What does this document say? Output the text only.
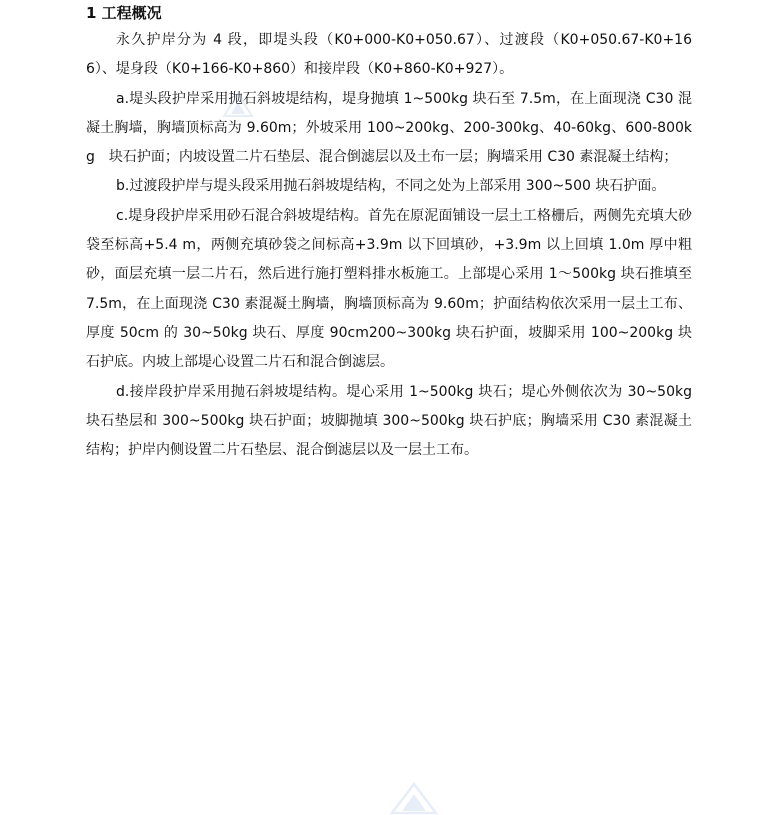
1 工程概况

永久护岸分为 4 段，即堤头段（K0+000-K0+050.67）、过渡段（K0+050.67-K0+166）、堤身段（K0+166-K0+860）和接岸段（K0+860-K0+927）。

a.堤头段护岸采用抛石斜坡堤结构，堤身抛填 1~500kg 块石至 7.5m，在上面现浇 C30 混凝土胸墙，胸墙顶标高为 9.60m；外坡采用 100~200kg、200-300kg、40-60kg、600-800kg　块石护面；内坡设置二片石垫层、混合倒滤层以及土布一层；胸墙采用 C30 素混凝土结构；

b.过渡段护岸与堤头段采用抛石斜坡堤结构，不同之处为上部采用 300~500 块石护面。

c.堤身段护岸采用砂石混合斜坡堤结构。首先在原泥面铺设一层土工格栅后，两侧先充填大砂袋至标高+5.4 m，两侧充填砂袋之间标高+3.9m 以下回填砂，+3.9m 以上回填 1.0m 厚中粗砂，面层充填一层二片石，然后进行施打塑料排水板施工。上部堤心采用 1～500kg 块石推填至 7.5m，在上面现浇 C30 素混凝土胸墙，胸墙顶标高为 9.60m；护面结构依次采用一层土工布、厚度 50cm 的 30~50kg 块石、厚度 90cm200~300kg 块石护面，坡脚采用 100~200kg 块石护底。内坡上部堤心设置二片石和混合倒滤层。

d.接岸段护岸采用抛石斜坡堤结构。堤心采用 1~500kg 块石；堤心外侧依次为 30~50kg 块石垫层和 300~500kg 块石护面；坡脚抛填 300~500kg 块石护底；胸墙采用 C30 素混凝土结构；护岸内侧设置二片石垫层、混合倒滤层以及一层土工布。
